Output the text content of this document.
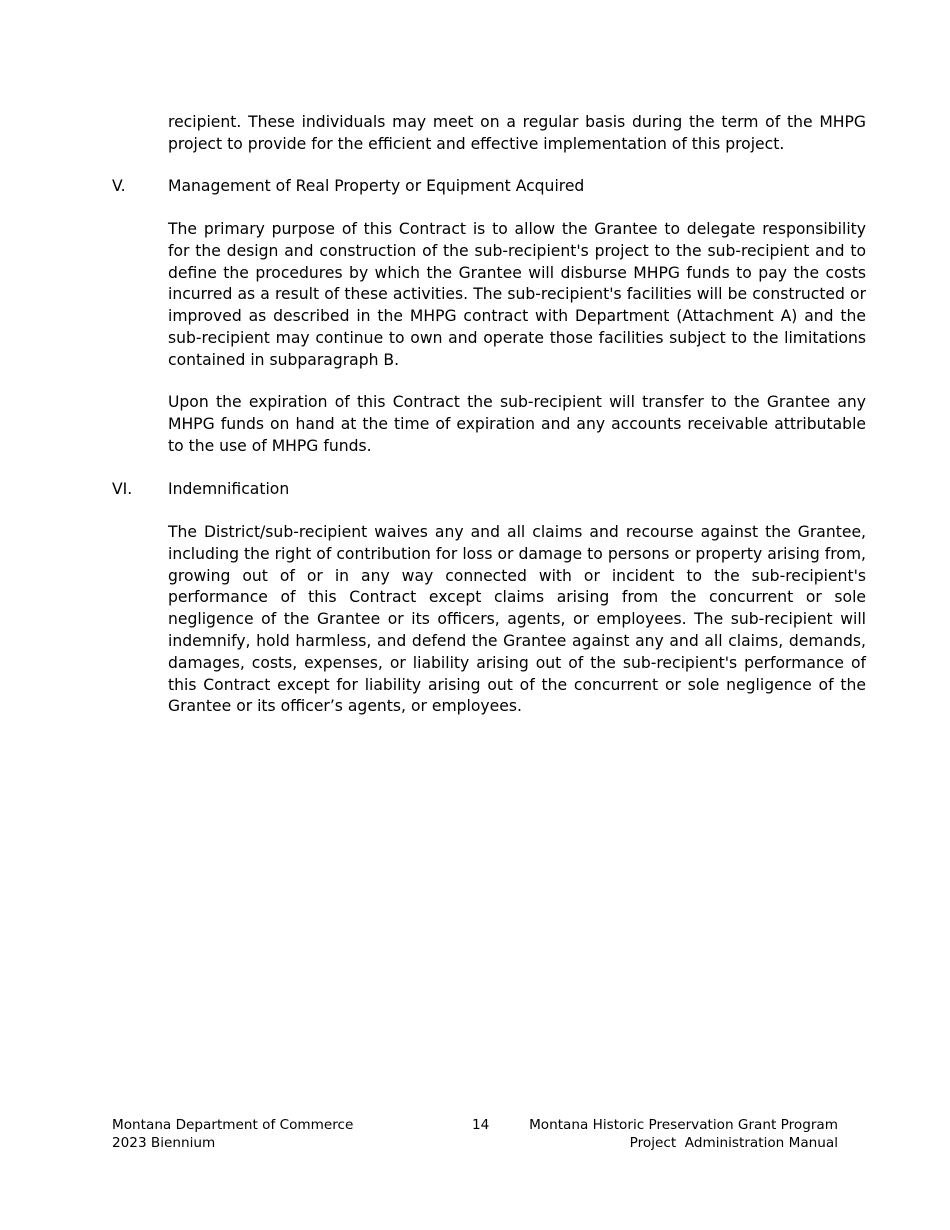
recipient. These individuals may meet on a regular basis during the term of the MHPG project to provide for the efficient and effective implementation of this project.

V.	Management of Real Property or Equipment Acquired

The primary purpose of this Contract is to allow the Grantee to delegate responsibility for the design and construction of the sub-recipient's project to the sub-recipient and to define the procedures by which the Grantee will disburse MHPG funds to pay the costs incurred as a result of these activities. The sub-recipient's facilities will be constructed or improved as described in the MHPG contract with Department (Attachment A) and the sub-recipient may continue to own and operate those facilities subject to the limitations contained in subparagraph B.

Upon the expiration of this Contract the sub-recipient will transfer to the Grantee any MHPG funds on hand at the time of expiration and any accounts receivable attributable to the use of MHPG funds.

VI. Indemnification

The District/sub-recipient waives any and all claims and recourse against the Grantee, including the right of contribution for loss or damage to persons or property arising from, growing out of or in any way connected with or incident to the sub-recipient's performance of this Contract except claims arising from the concurrent or sole negligence of the Grantee or its officers, agents, or employees. The sub-recipient will indemnify, hold harmless, and defend the Grantee against any and all claims, demands, damages, costs, expenses, or liability arising out of the sub-recipient's performance of this Contract except for liability arising out of the concurrent or sole negligence of the Grantee or its officer’s agents, or employees.

Montana Department of Commerce

2023 Biennium

14	Montana Historic Preservation Grant Program

Project  Administration Manual
